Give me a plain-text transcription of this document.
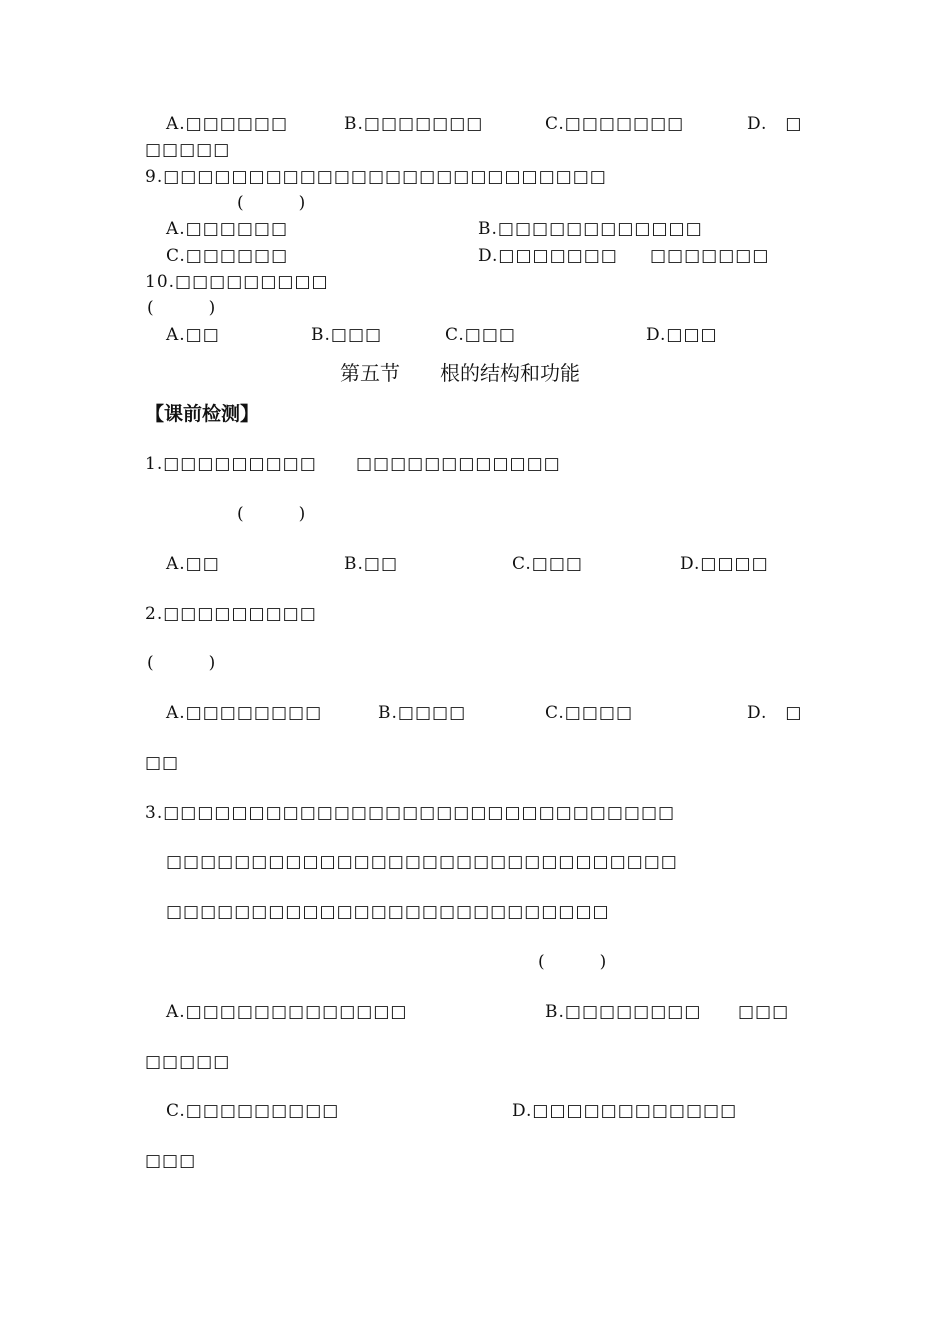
A.□□□□□□	B.□□□□□□□	C.□□□□□□□	D.　□
□□□□□
9.□□□□□□□□□□□□□□□□□□□□□□□□□□
(　　　)
A.□□□□□□	B.□□□□□□□□□□□□
C.□□□□□□	D.□□□□□□□ □□□□□□□
10.□□□□□□□□□
(　　　)
A.□□	B.□□□	C.□□□	D.□□□
第五节　　根的结构和功能
【课前检测】
1.□□□□□□□□□ □□□□□□□□□□□□
(　　　)
A.□□	B.□□	C.□□□	D.□□□□
2.□□□□□□□□□
(　　　)
A.□□□□□□□□	B.□□□□	C.□□□□	D.　□
□□
3.□□□□□□□□□□□□□□□□□□□□□□□□□□□□□□
□□□□□□□□□□□□□□□□□□□□□□□□□□□□□□
□□□□□□□□□□□□□□□□□□□□□□□□□□
(　　　)
A.□□□□□□□□□□□□□	B.□□□□□□□□ □□□
□□□□□
C.□□□□□□□□□	D.□□□□□□□□□□□□
□□□
